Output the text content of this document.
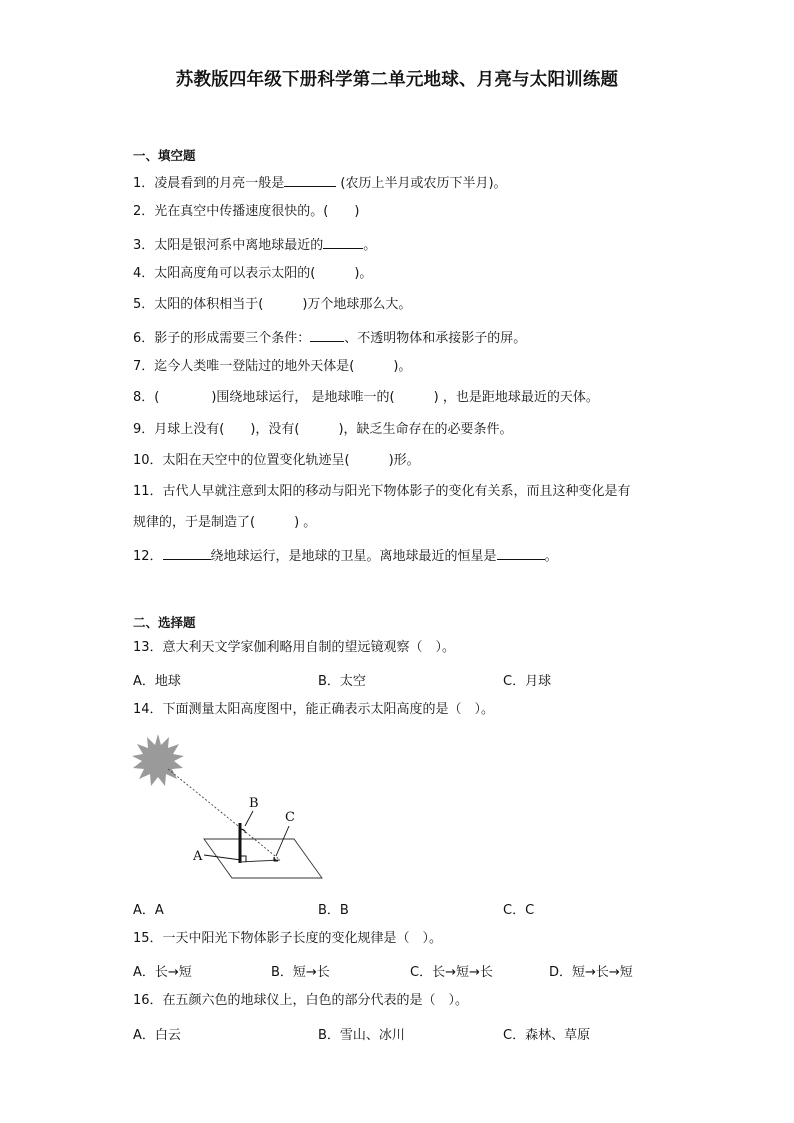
苏教版四年级下册科学第二单元地球、月亮与太阳训练题
一、填空题
1．凌晨看到的月亮一般是	(农历上半月或农历下半月)。
2．光在真空中传播速度很快的。(　　)
3．太阳是银河系中离地球最近的	。
4．太阳高度角可以表示太阳的(　　　)。
5．太阳的体积相当于(　　　)万个地球那么大。
6．影子的形成需要三个条件：	、不透明物体和承接影子的屏。
7．迄今人类唯一登陆过的地外天体是(　　　)。
8．(　　　　)围绕地球运行， 是地球唯一的(　　　) ，也是距地球最近的天体。
9．月球上没有(　　)，没有(　　　)，缺乏生命存在的必要条件。
10．太阳在天空中的位置变化轨迹呈(　　　)形。
11．古代人早就注意到太阳的移动与阳光下物体影子的变化有关系，而且这种变化是有
规律的，于是制造了(　　　) 。
12．	绕地球运行，是地球的卫星。离地球最近的恒星是	。
二、选择题
13．意大利天文学家伽利略用自制的望远镜观察（　）。
A．地球	B．太空	C．月球
14．下面测量太阳高度图中，能正确表示太阳高度的是（　）。
B
C
A
A．A	B．B	C．C
15．一天中阳光下物体影子长度的变化规律是（　）。
A．长→短	B．短→长	C．长→短→长	D．短→长→短
16．在五颜六色的地球仪上，白色的部分代表的是（　）。
A．白云	B．雪山、冰川	C．森林、草原
